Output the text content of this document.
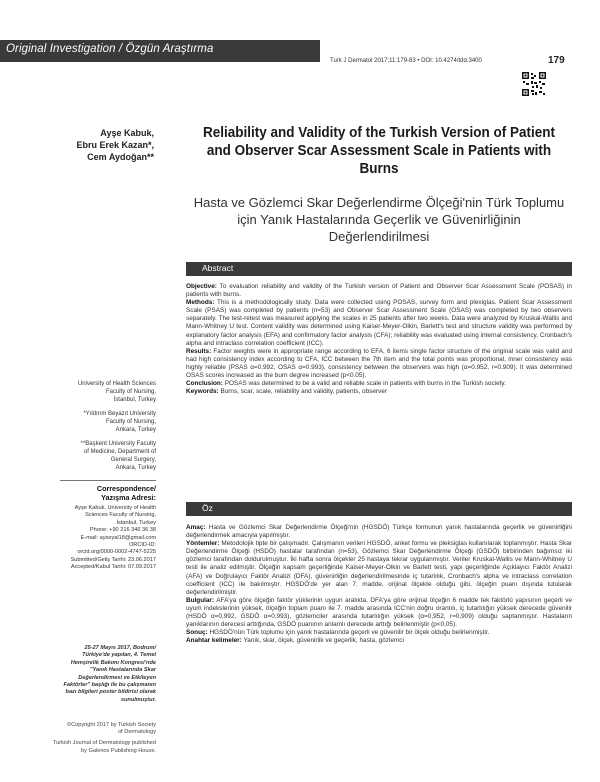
Original Investigation / Özgün Araştırma
Turk J Dermatol 2017;11:179-83 • DOI: 10.4274/tdd.3400	179
Ayşe Kabuk,
Ebru Erek Kazan*,
Cem Aydoğan**
Reliability and Validity of the Turkish Version of Patient and Observer Scar Assessment Scale in Patients with Burns
Hasta ve Gözlemci Skar Değerlendirme Ölçeği'nin Türk Toplumu için Yanık Hastalarında Geçerlik ve Güvenirliğinin Değerlendirilmesi
Abstract

Objective: To evaluation reliability and validity of the Turkish version of Patient and Observer Scar Assessment Scale (POSAS) in patients with burns.

Methods: This is a methodologically study. Data were collected using POSAS, survey form and plexiglas. Patient Scar Assessment Scale (PSAS) was completed by patients (n=53) and Observer Scar Assessment Scale (OSAS) was completed by two observers separately. The test-retest was measured applying the scales in 25 patients after two weeks. Data were analyzed by Kruskal-Wallis and Mann-Whitney U test. Content validity was determined using Kaiser-Meyer-Olkin, Barlett's test and structure validity was performed by explanatory factor analysis (EFA) and confirmatory factor analysis (CFA); reliability was evaluated using internal consistency, Cronbach's alpha and intraclass correlation coefficient (ICC).

Results: Factor weights were in appropriate range according to EFA, 6 items single factor structure of the original scale was valid and had high consistency index according to CFA, ICC between the 7th item and the total points was proportional, inner consistency was highly reliable (PSAS α=0.992, OSAS α=0.993), consistency between the observers was high (α=0.952, r=0.909). It was determined OSAS scores increased as the burn degree increased (p<0.05).

Conclusion: POSAS was determined to be a valid and reliable scale in patients with burns in the Turkish society.

Keywords: Burns, scar, scale, reliability and validity, patients, observer

Öz

Amaç: Hasta ve Gözlemci Skar Değerlendirme Ölçeği'nin (HGSDÖ) Türkçe formunun yanık hastalarında geçerlik ve güvenirliğini değerlendirmek amacıyla yapılmıştır.

Yöntemler: Metodolojik tipte bir çalışmadır. Çalışmanın verileri HGSDÖ, anket formu ve pleksiglas kullanılarak toplanmıştır. Hasta Skar Değerlendirme Ölçeği (HSDÖ) hastalar tarafından (n=53), Gözlemci Skar Değerlendirme Ölçeği (GSDÖ) birbirinden bağımsız iki gözlemci tarafından doldurulmuştur. İki hafta sonra ölçekler 25 hastaya tekrar uygulanmıştır. Veriler Kruskal-Wallis ve Mann-Whitney U testi ile analiz edilmiştir. Ölçeğin kapsam geçerliğinde Kaiser-Meyer-Olkin ve Barlett testi, yapı geçerliğinde Açıklayıcı Faktör Analizi (AFA) ve Doğrulayıcı Faktör Analizi (DFA), güvenirliğin değerlendirilmesinde iç tutarlılık, Cronbach's alpha ve intraclass correlation coefficient (ICC) ile bakılmıştır. HGSDÖ'de yer alan 7. madde, orijinal ölçekte olduğu gibi, ölçeğin puanı dışında tutularak değerlendirilmiştir.

Bulgular: AFA'ya göre ölçeğin faktör yüklerinin uygun aralıkta, DFA'ya göre orijinal ölçeğin 6 madde tek faktörlü yapısının geçerli ve uyum indekslerinin yüksek, ölçeğin toplam puanı ile 7. madde arasında ICC'nin doğru orantılı, iç tutarlılığın yüksek derecede güvenilir (HSDÖ α=0,992, GSDÖ α=0,993), gözlemciler arasında tutarlılığın yüksek (α=0,952, r=0,909) olduğu saptanmıştır. Hastaların yanıklarının derecesi arttığında, GSDÖ puanının anlamlı derecede arttığı belirlenmiştir (p<0,05).

Sonuç: HGSDÖ'nün Türk toplumu için yanık hastalarında geçerli ve güvenilir bir ölçek olduğu belirlenmiştir.

Anahtar kelimeler: Yanık, skar, ölçek, güvenirlik ve geçerlik, hasta, gözlemci

University of Health Sciences
Faculty of Nursing,
İstanbul, Turkey

*Yıldırım Beyazıt University
Faculty of Nursing,
Ankara, Turkey

**Başkent University Faculty
of Medicine, Department of
General Surgery,
Ankara, Turkey

Correspondence/
Yazışma Adresi:
Ayşe Kabuk, University of Health
Sciences Faculty of Nursing,
İstanbul, Turkey
Phone: +90 216 346 36 38
E-mail: ayseyal18@gmail.com
ORCID-ID:
orcid.org/0000-0002-4747-5225
Submitted/Geliş Tarihi: 23.06.2017
Accepted/Kabul Tarihi: 07.09.2017
25-27 Mayıs 2017, Bodrum/
Türkiye'de yapılan, 4. Temel
Hemşirelik Bakımı Kongresi'nde
"Yanık Hastalarında Skar
Değerlendirmesi ve Etkileyen
Faktörler" başlığı ile bu çalışmanın
bazı bilgileri poster bildirisi olarak
sunulmuştur.

©Copyright 2017 by Turkish Society
of Dermatology

Turkish Journal of Dermatology published
by Galenos Publishing House.
